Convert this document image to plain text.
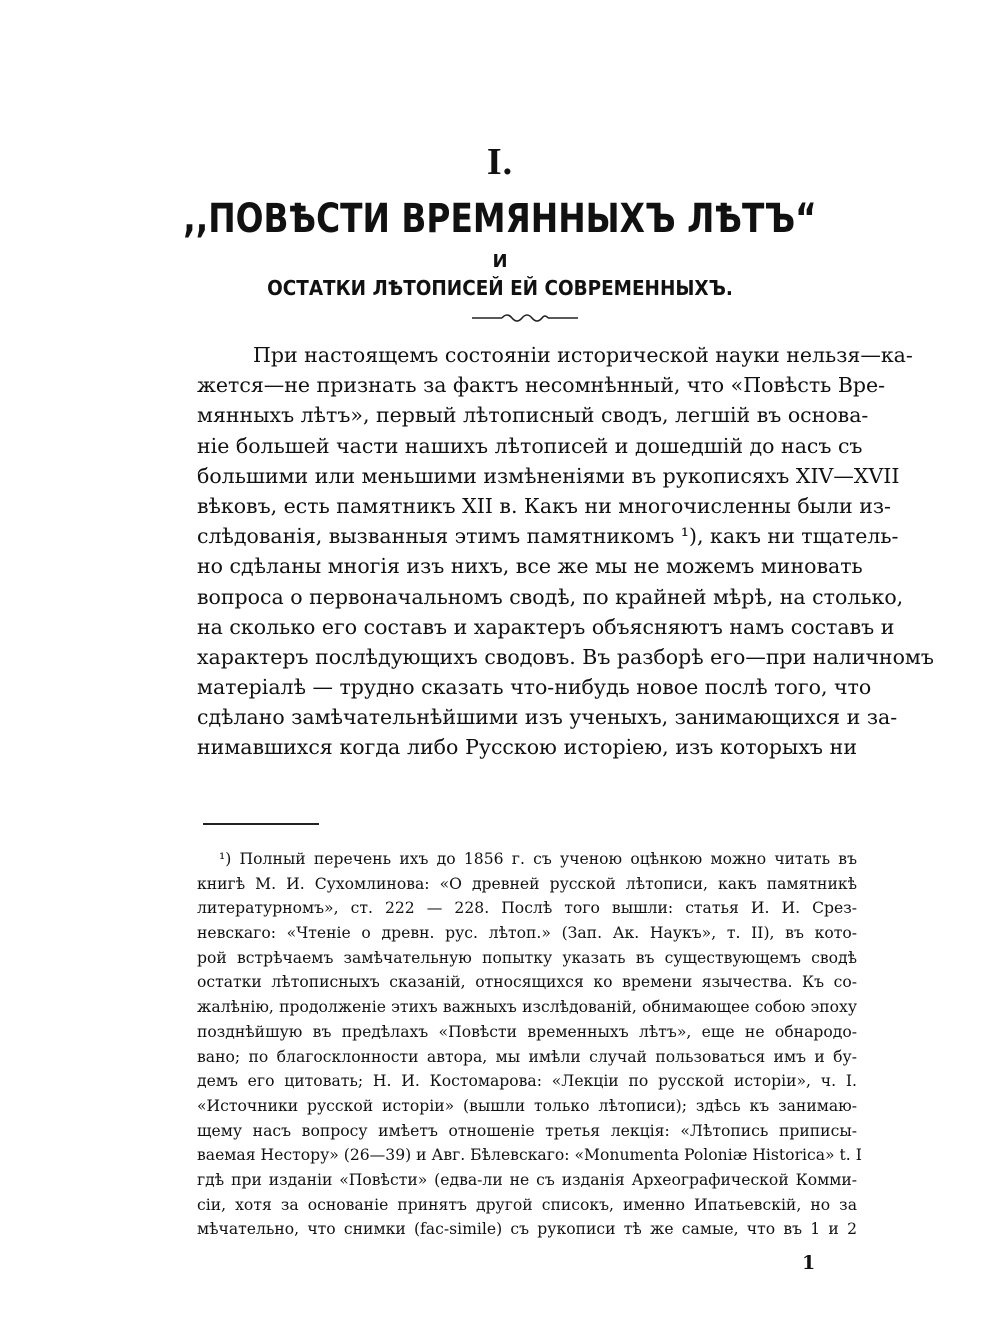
I.
,,ПОВѢСТИ ВРЕМЯННЫХЪ ЛѢТЪ“
И
ОСТАТКИ ЛѢТОПИСЕЙ ЕЙ СОВРЕМЕННЫХЪ.
При настоящемъ состояніи исторической науки нельзя—ка-
жется—не признать за фактъ несомнѣнный, что «Повѣсть Вре-
мянныхъ лѣтъ», первый лѣтописный сводъ, легшій въ основа-
ніе большей части нашихъ лѣтописей и дошедшій до насъ съ
большими или меньшими измѣненіями въ рукописяхъ XIV—XVII
вѣковъ, есть памятникъ XII в. Какъ ни многочисленны были из-
слѣдованія, вызванныя этимъ памятникомъ ¹), какъ ни тщатель-
но сдѣланы многія изъ нихъ, все же мы не можемъ миновать
вопроса о первоначальномъ сводѣ, по крайней мѣрѣ, на столько,
на сколько его составъ и характеръ объясняютъ намъ составъ и
характеръ послѣдующихъ сводовъ. Въ разборѣ его—при наличномъ
матеріалѣ — трудно сказать что-нибудь новое послѣ того, что
сдѣлано замѣчательнѣйшими изъ ученыхъ, занимающихся и за-
нимавшихся когда либо Русскою исторіею, изъ которыхъ ни
¹) Полный перечень ихъ до 1856 г. съ ученою оцѣнкою можно читать въ
книгѣ М. И. Сухомлинова: «О древней русской лѣтописи, какъ памятникѣ
литературномъ», ст. 222 — 228. Послѣ того вышли: статья И. И. Срез-
невскаго: «Чтеніе о древн. рус. лѣтоп.» (Зап. Ак. Наукъ», т. II), въ кото-
рой встрѣчаемъ замѣчательную попытку указать въ существующемъ сводѣ
остатки лѣтописныхъ сказаній, относящихся ко времени язычества. Къ со-
жалѣнію, продолженіе этихъ важныхъ изслѣдованій, обнимающее собою эпоху
позднѣйшую въ предѣлахъ «Повѣсти временныхъ лѣтъ», еще не обнародо-
вано; по благосклонности автора, мы имѣли случай пользоваться имъ и бу-
демъ его цитовать; Н. И. Костомарова: «Лекціи по русской исторіи», ч. I.
«Источники русской исторіи» (вышли только лѣтописи); здѣсь къ занимаю-
щему насъ вопросу имѣетъ отношеніе третья лекція: «Лѣтопись приписы-
ваемая Нестору» (26—39) и Авг. Бѣлевскаго: «Monumenta Poloniæ Historica» t. I
гдѣ при изданіи «Повѣсти» (едва-ли не съ изданія Археографической Комми-
сіи, хотя за основаніе принятъ другой списокъ, именно Ипатьевскій, но за
мѣчательно, что снимки (fac-simile) съ рукописи тѣ же самые, что въ 1 и 2
1
